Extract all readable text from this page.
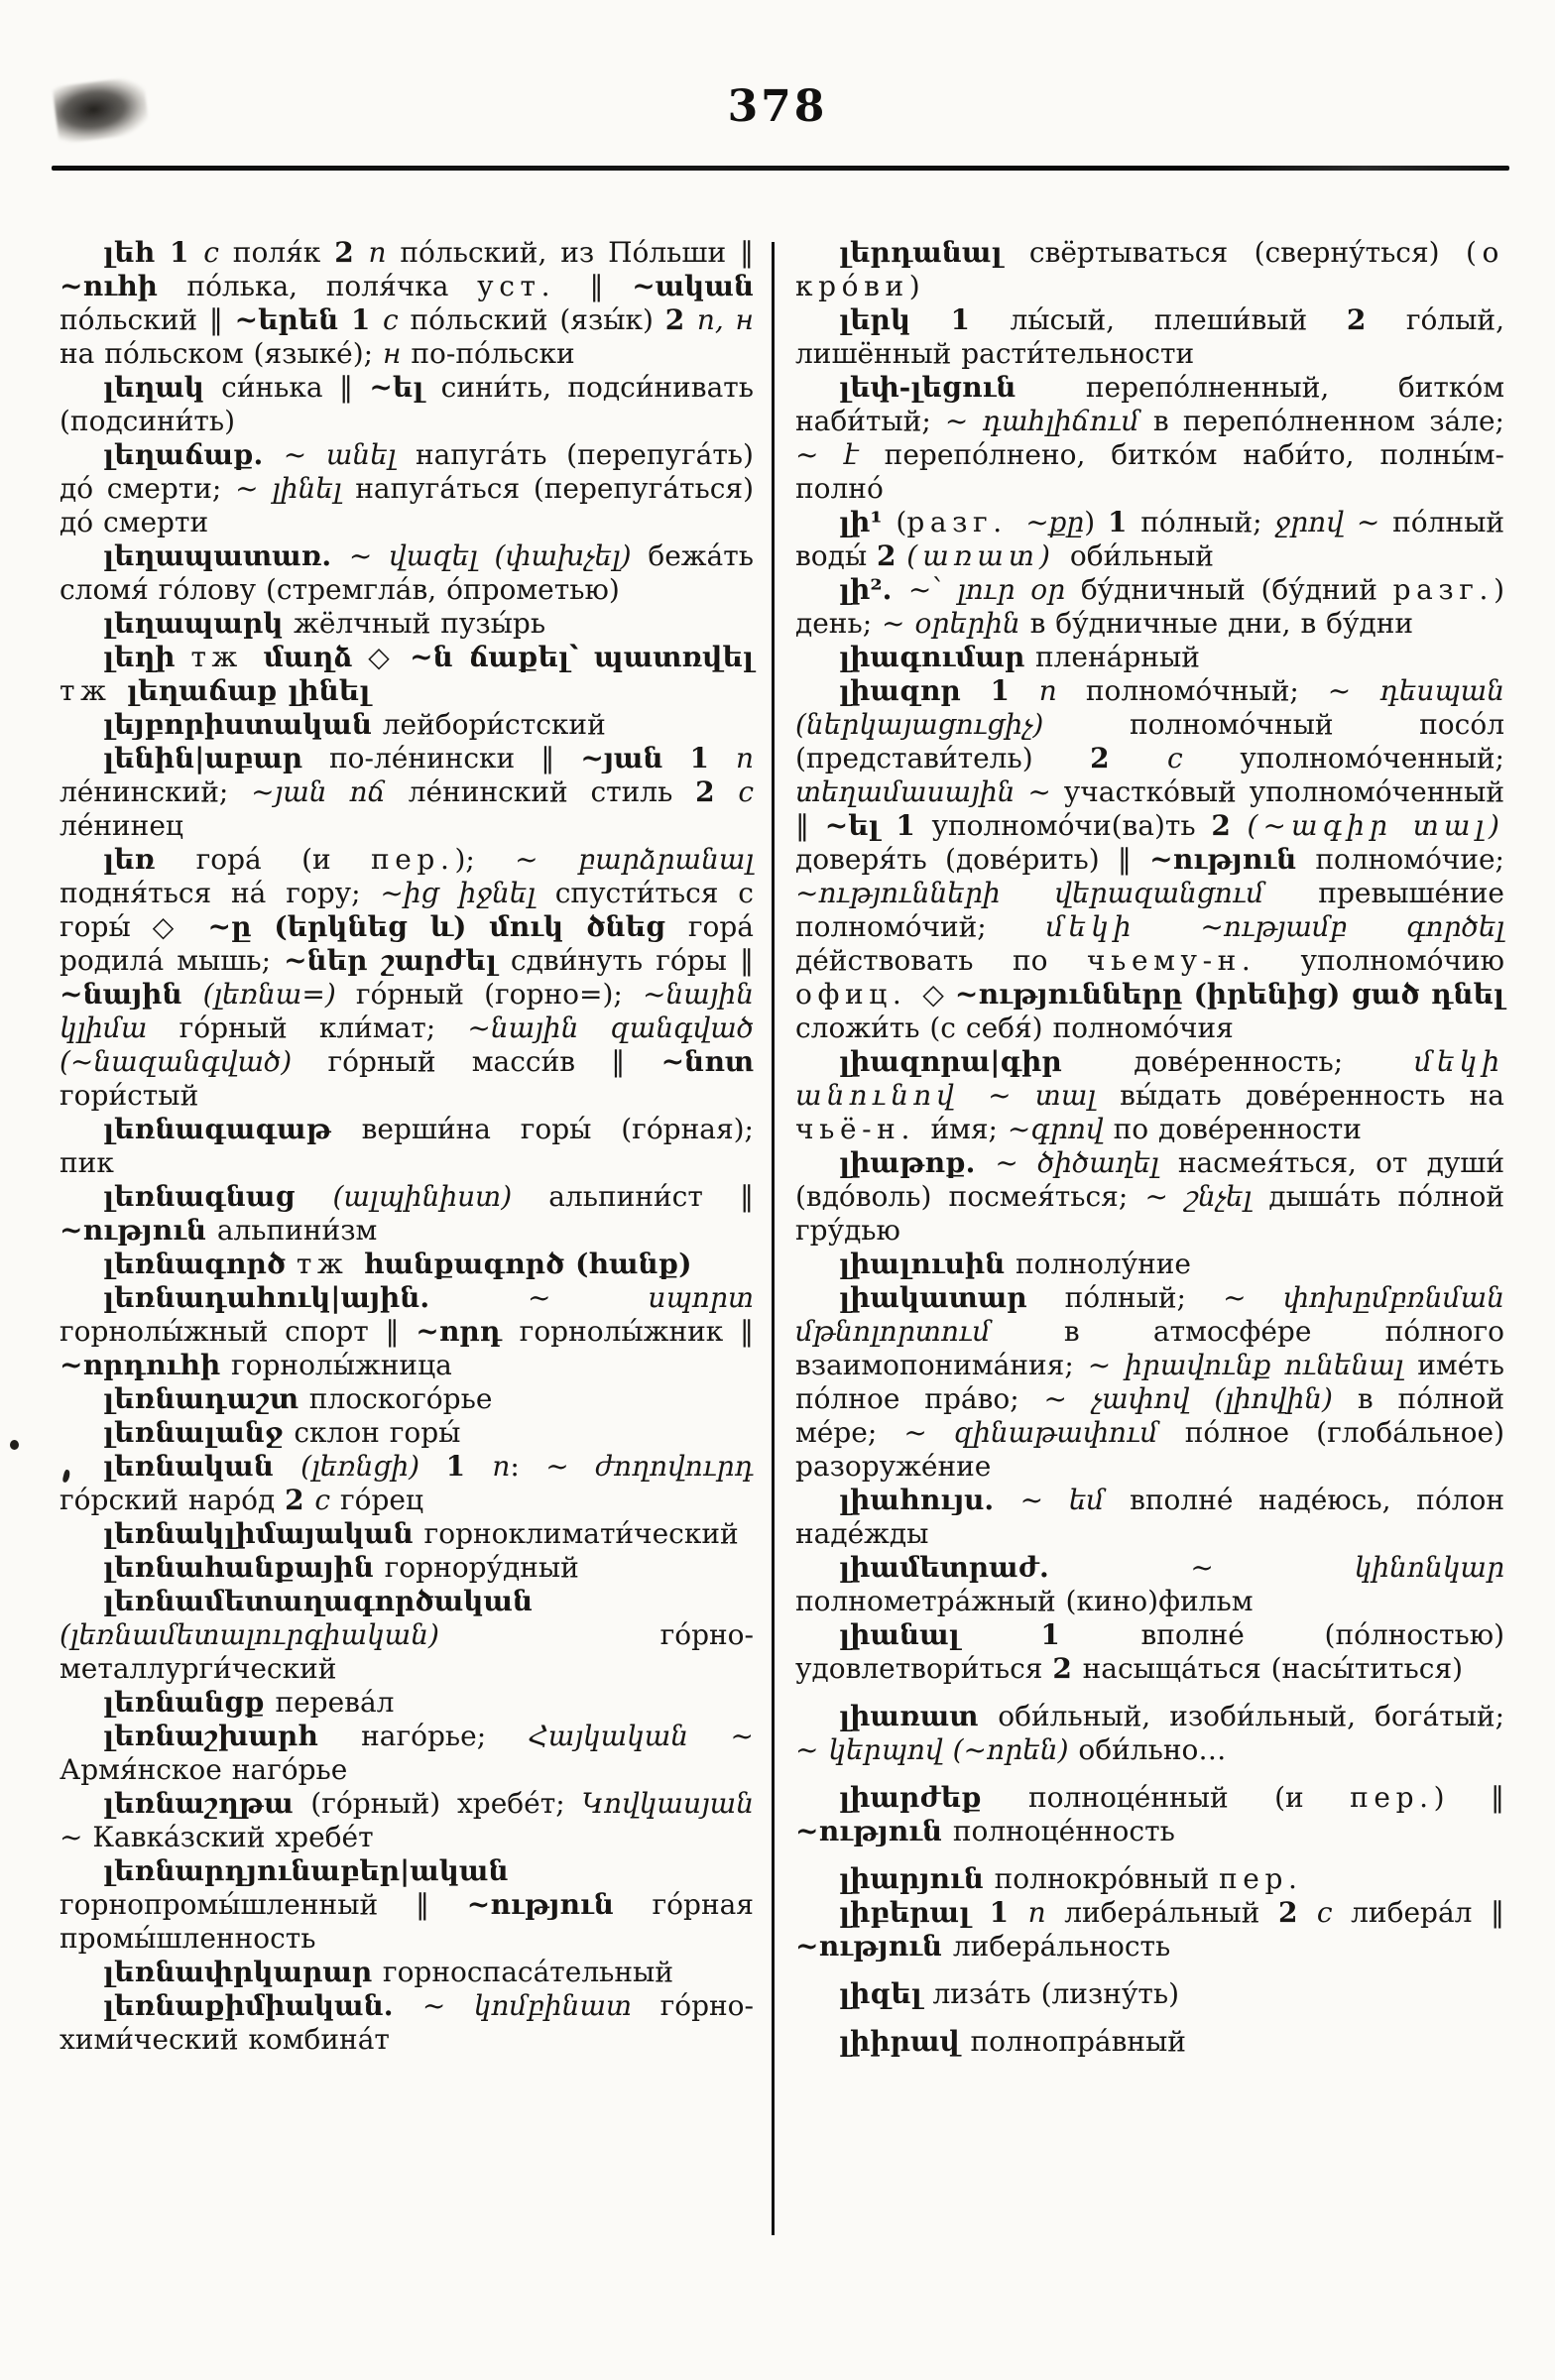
378

լեհ 1 с поля́к 2 п по́льский, из По́льши ‖ ~ուհի по́лька, поля́чка уст. ‖ ~ական по́льский ‖ ~երեն 1 с по́льский (язы́к) 2 п, н на по́льском (языке́); н по-по́льски

լեղակ си́нька ‖ ~ել сини́ть, подси́нивать (подсини́ть)

լեղաճաք. ~ անել напуга́ть (перепуга́ть) до́ смерти; ~ լինել напуга́ться (перепуга́ться) до́ смерти

լեղապատառ. ~ վազել (փախչել) бежа́ть сломя́ го́лову (стремгла́в, о́прометью)

լեղապարկ жёлчный пузы́рь

լեղի тж մաղձ ◇ ~ն ճաքել՝ պատռվել тж լեղաճաք լինել

լեյբորիստական лейбори́стский

լենին|աբար по-ле́нински ‖ ~յան 1 п ле́нинский; ~յան ոճ ле́нинский стиль 2 с ле́нинец

լեռ гора́ (и пер.); ~ բարձրանալ подня́ться на́ гору; ~ից իջնել спусти́ться с горы́ ◇ ~ը (երկնեց և) մուկ ծնեց гора́ родила́ мышь; ~ներ շարժել сдви́нуть го́ры ‖ ~նային (լեռնա=) го́рный (горно=); ~նային կլիմա го́рный кли́мат; ~նային զանգված (~նազանգված) го́рный масси́в ‖ ~նոտ гори́стый

լեռնագագաթ верши́на горы́ (го́рная); пик

լեռնագնաց (ալպինիստ) альпини́ст ‖ ~ություն альпини́зм

լեռնագործ тж հանքագործ (հանք)

լեռնադահուկ|ային. ~ սպորտ горнолы́жный спорт ‖ ~որդ горнолы́жник ‖ ~որդուհի горнолы́жница

լեռնադաշտ плоского́рье

լեռնալանջ склон горы́

լեռնական (լեռնցի) 1 п: ~ ժողովուրդ го́рский наро́д 2 с го́рец

լեռնակլիմայական горноклимати́ческий

լեռնահանքային горнору́дный

լեռնամետաղագործական (լեռնամետալուրգիական) го́рно-металлурги́ческий

լեռնանցք перева́л

լեռնաշխարհ наго́рье; Հայկական ~ Армя́нское наго́рье

լեռնաշղթա (го́рный) хребе́т; Կովկասյան ~ Кавка́зский хребе́т

լեռնարդյունաբեր|ական горнопромы́шленный ‖ ~ություն го́рная промы́шленность

լեռնափրկարար горноспаса́тельный

լեռնաքիմիական. ~ կոմբինատ го́рно-хими́ческий комбина́т

լերդանալ свёртываться (сверну́ться) (о кро́ви)

լերկ 1 лы́сый, плеши́вый 2 го́лый, лишённый расти́тельности

լեփ-լեցուն перепо́лненный, битко́м наби́тый; ~ դահլիճում в перепо́лненном за́ле; ~ է перепо́лнено, битко́м наби́то, полны́м-полно́

լի¹ (разг. ~քը) 1 по́лный; ջրով ~ по́лный воды́ 2 (առատ) оби́льный

լի². ~՝ լուր օր бу́дничный (бу́дний разг.) день; ~ օրերին в бу́дничные дни, в бу́дни

լիագումար плена́рный

լիազոր 1 п полномо́чный; ~ դեսպան (ներկայացուցիչ) полномо́чный посо́л (представи́тель) 2 с уполномо́ченный; տեղամասային ~ участко́вый уполномо́ченный ‖ ~ել 1 уполномо́чи(ва)ть 2 (~ագիր տալ) доверя́ть (дове́рить) ‖ ~ություն полномо́чие; ~ությունների վերազանցում превыше́ние полномо́чий; մեկի ~ությամբ գործել де́йствовать по чьему-н. уполномо́чию офиц. ◇ ~ությունները (իրենից) ցած դնել сложи́ть (с себя́) полномо́чия

լիազորա|գիր дове́ренность; մեկի անունով ~ տալ вы́дать дове́ренность на чьё-н. и́мя; ~գրով по дове́ренности

լիաթոք. ~ ծիծաղել насмея́ться, от души́ (вдо́воль) посмея́ться; ~ շնչել дыша́ть по́лной гру́дью

լիալուսին полнолу́ние

լիակատար по́лный; ~ փոխըմբռնման մթնոլորտում в атмосфе́ре по́лного взаимопонима́ния; ~ իրավունք ունենալ име́ть по́лное пра́во; ~ չափով (լիովին) в по́лной ме́ре; ~ զինաթափում по́лное (глоба́льное) разоруже́ние

լիահույս. ~ եմ вполне́ наде́юсь, по́лон наде́жды

լիամետրաժ. ~ կինոնկար полнометра́жный (кино)фильм

լիանալ 1 вполне́ (по́лностью) удовлетвори́ться 2 насыща́ться (насы́титься)

լիառատ оби́льный, изоби́льный, бога́тый; ~ կերպով (~որեն) оби́льно…

լիարժեք полноце́нный (и пер.) ‖ ~ություն полноце́нность

լիարյուն полнокро́вный пер.

լիբերալ 1 п либера́льный 2 с либера́л ‖ ~ություն либера́льность

լիզել лиза́ть (лизну́ть)

լիիրավ полнопра́вный
